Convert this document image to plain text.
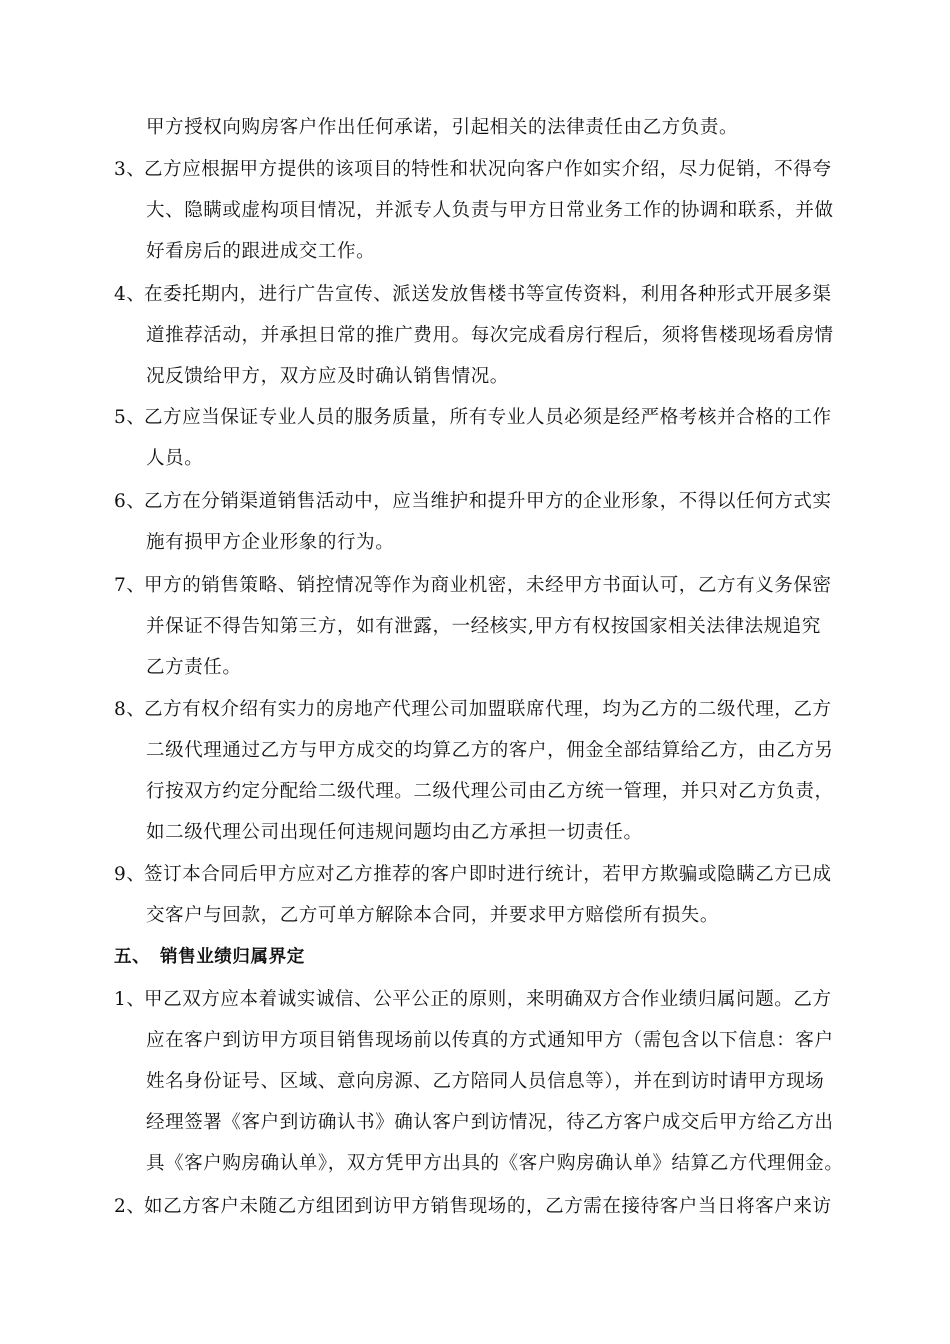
甲方授权向购房客户作出任何承诺，引起相关的法律责任由乙方负责。
3、乙方应根据甲方提供的该项目的特性和状况向客户作如实介绍，尽力促销，不得夸
大、隐瞒或虚构项目情况，并派专人负责与甲方日常业务工作的协调和联系，并做
好看房后的跟进成交工作。
4、在委托期内，进行广告宣传、派送发放售楼书等宣传资料，利用各种形式开展多渠
道推荐活动，并承担日常的推广费用。每次完成看房行程后，须将售楼现场看房情
况反馈给甲方，双方应及时确认销售情况。
5、乙方应当保证专业人员的服务质量，所有专业人员必须是经严格考核并合格的工作
人员。
6、乙方在分销渠道销售活动中，应当维护和提升甲方的企业形象，不得以任何方式实
施有损甲方企业形象的行为。
7、甲方的销售策略、销控情况等作为商业机密，未经甲方书面认可，乙方有义务保密
并保证不得告知第三方，如有泄露，一经核实,甲方有权按国家相关法律法规追究
乙方责任。
8、乙方有权介绍有实力的房地产代理公司加盟联席代理，均为乙方的二级代理，乙方
二级代理通过乙方与甲方成交的均算乙方的客户，佣金全部结算给乙方，由乙方另
行按双方约定分配给二级代理。二级代理公司由乙方统一管理，并只对乙方负责，
如二级代理公司出现任何违规问题均由乙方承担一切责任。
9、签订本合同后甲方应对乙方推荐的客户即时进行统计，若甲方欺骗或隐瞒乙方已成
交客户与回款，乙方可单方解除本合同，并要求甲方赔偿所有损失。
五、 销售业绩归属界定
1、甲乙双方应本着诚实诚信、公平公正的原则，来明确双方合作业绩归属问题。乙方
应在客户到访甲方项目销售现场前以传真的方式通知甲方（需包含以下信息：客户
姓名身份证号、区域、意向房源、乙方陪同人员信息等），并在到访时请甲方现场
经理签署《客户到访确认书》确认客户到访情况，待乙方客户成交后甲方给乙方出
具《客户购房确认单》，双方凭甲方出具的《客户购房确认单》结算乙方代理佣金。
2、如乙方客户未随乙方组团到访甲方销售现场的，乙方需在接待客户当日将客户来访
